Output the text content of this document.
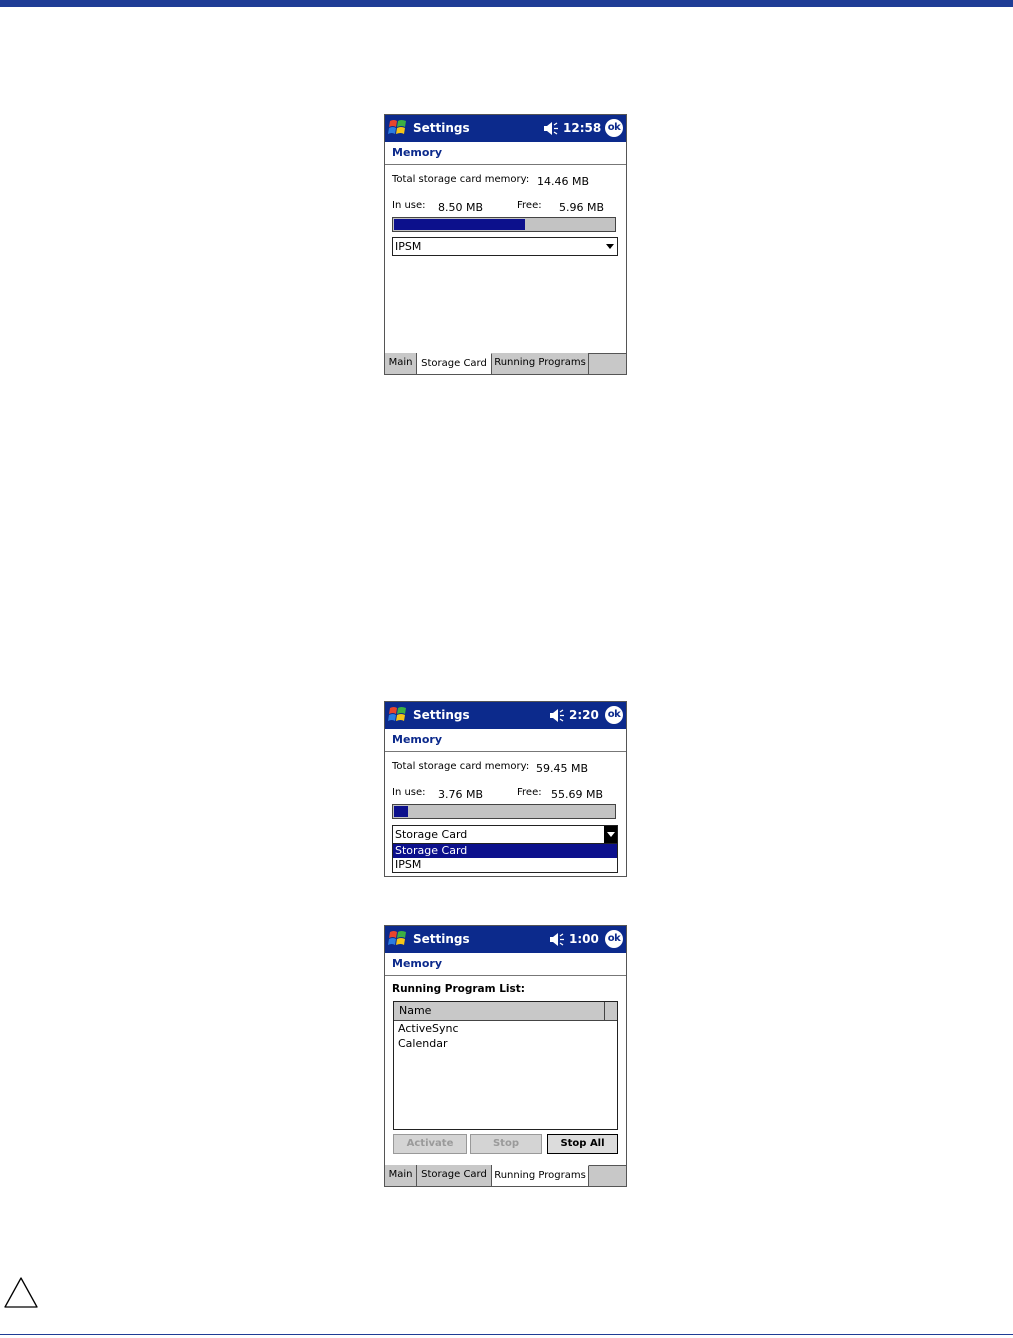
Settings	12:58 ok
Memory
Total storage card memory: 14.46 MB
In use: 8.50 MB	Free: 5.96 MB
IPSM
Main Storage Card Running Programs
Settings	2:20 ok
Memory
Total storage card memory: 59.45 MB
In use: 3.76 MB	Free: 55.69 MB
Storage Card
Storage Card
IPSM
Settings	1:00 ok
Memory
Running Program List:
Name
ActiveSync
Calendar
Activate	Stop	Stop All
Main Storage Card Running Programs
